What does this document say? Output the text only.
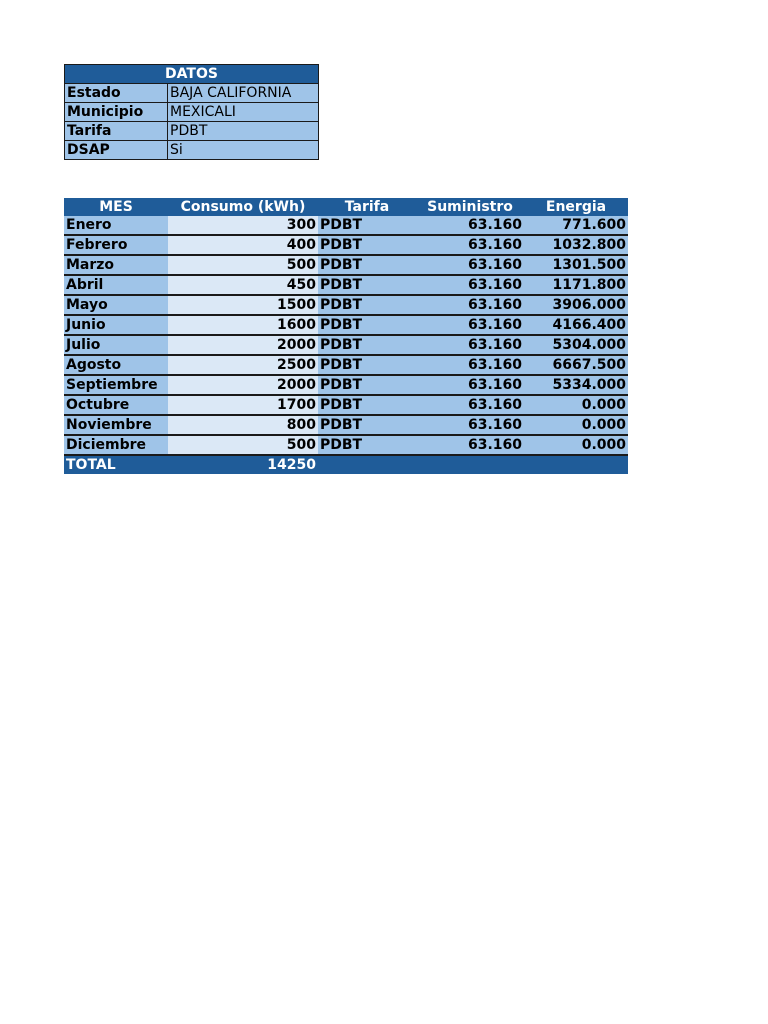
DATOS	
Estado	BAJA CALIFORNIA
Municipio	MEXICALI
Tarifa	PDBT
DSAP	Si
MES	Consumo (kWh)	Tarifa	Suministro	Energia
Enero	300	PDBT	63.160	771.600
Febrero	400	PDBT	63.160	1032.800
Marzo	500	PDBT	63.160	1301.500
Abril	450	PDBT	63.160	1171.800
Mayo	1500	PDBT	63.160	3906.000
Junio	1600	PDBT	63.160	4166.400
Julio	2000	PDBT	63.160	5304.000
Agosto	2500	PDBT	63.160	6667.500
Septiembre	2000	PDBT	63.160	5334.000
Octubre	1700	PDBT	63.160	0.000
Noviembre	800	PDBT	63.160	0.000
Diciembre	500	PDBT	63.160	0.000
TOTAL	14250			
